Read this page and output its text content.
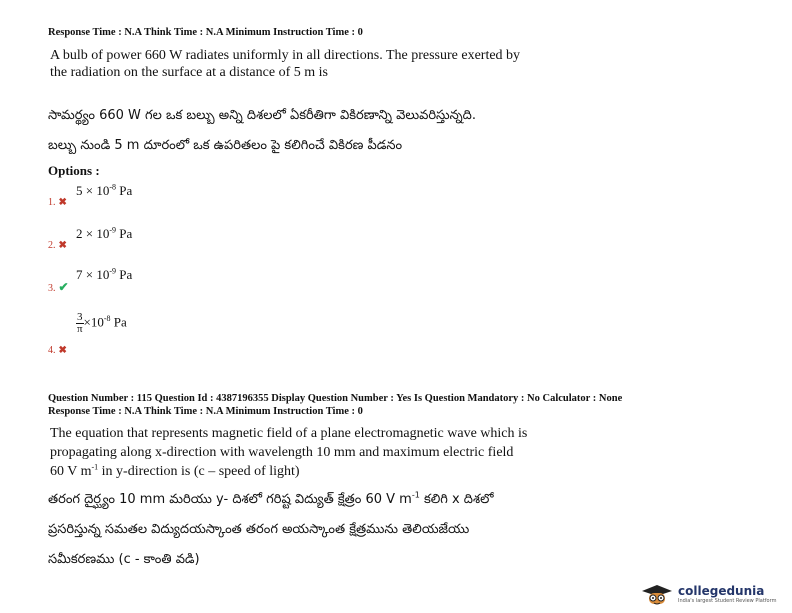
Response Time : N.A Think Time : N.A Minimum Instruction Time : 0
A bulb of power 660 W radiates uniformly in all directions. The pressure exerted by
the radiation on the surface at a distance of 5 m is
సామర్థ్యం 660 W గల ఒక బల్బు అన్ని దిశలలో ఏకరీతిగా వికిరణాన్ని వెలువరిస్తున్నది.
బల్బు నుండి 5 m దూరంలో ఒక ఉపరితలం పై కలిగించే వికిరణ పీడనం
Options :
1. ✖
$5 \times 10^{-8}$ Pa
2. ✖
$2 \times 10^{-9}$ Pa
3. ✔
$7 \times 10^{-9}$ Pa
4. ✖
$\frac{3}{\pi} \times 10^{-8}$ Pa
Question Number : 115 Question Id : 4387196355 Display Question Number : Yes Is Question Mandatory : No Calculator : None
Response Time : N.A Think Time : N.A Minimum Instruction Time : 0
The equation that represents magnetic field of a plane electromagnetic wave which is
propagating along x-direction with wavelength 10 mm and maximum electric field
60 V $m^{-1}$ in y-direction is (c – speed of light)
తరంగ దైర్ఘ్యం 10 mm మరియు y- దిశలో గరిష్ట విద్యుత్ క్షేత్రం 60 V $m^{-1}$ కలిగి x దిశలో
ప్రసరిస్తున్న సమతల విద్యుదయస్కాంత తరంగ అయస్కాంత క్షేత్రమును తెలియజేయు
సమీకరణము (c - కాంతి వడి)
collegedunia
India's largest Student Review Platform
